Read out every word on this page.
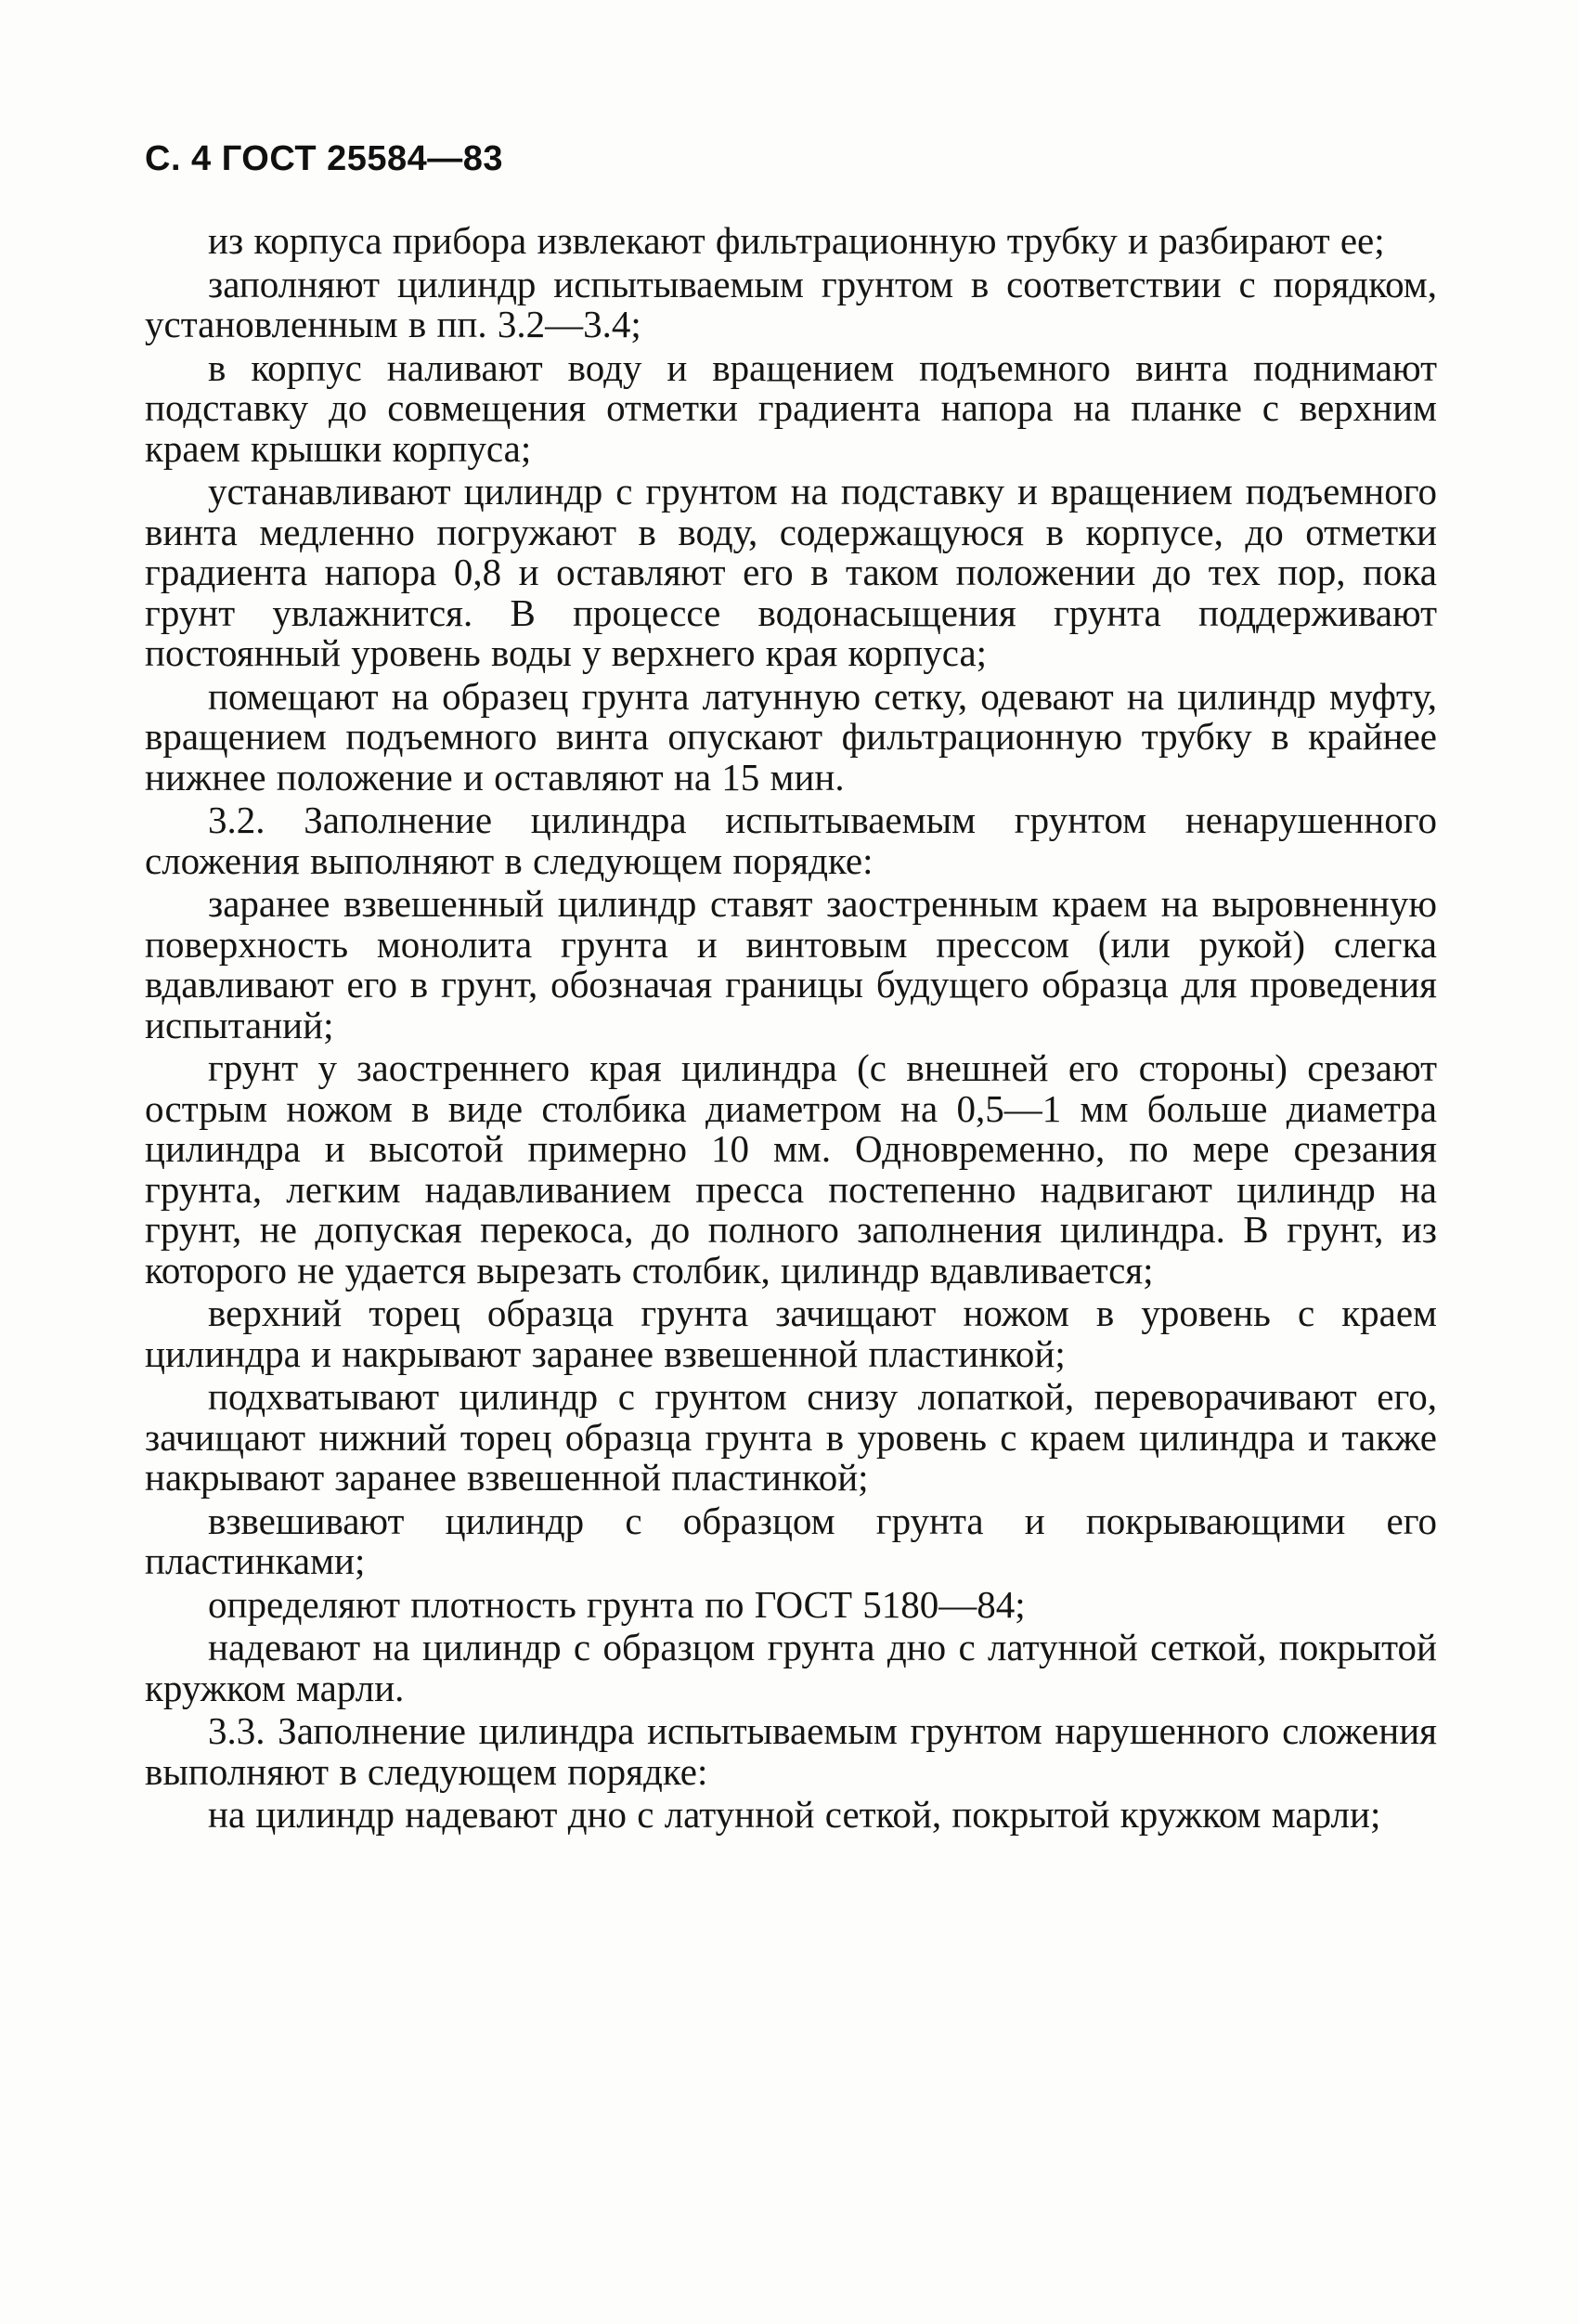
С. 4 ГОСТ 25584—83

из корпуса прибора извлекают фильтрационную трубку и разбирают ее;

заполняют цилиндр испытываемым грунтом в соответствии с порядком, установленным в пп. 3.2—3.4;

в корпус наливают воду и вращением подъемного винта поднимают подставку до совмещения отметки градиента напора на планке с верхним краем крышки корпуса;

устанавливают цилиндр с грунтом на подставку и вращением подъемного винта медленно погружают в воду, содержащуюся в корпусе, до отметки градиента напора 0,8 и оставляют его в таком положении до тех пор, пока грунт увлажнится. В процессе водонасыщения грунта поддерживают постоянный уровень воды у верхнего края корпуса;

помещают на образец грунта латунную сетку, одевают на цилиндр муфту, вращением подъемного винта опускают фильтрационную трубку в крайнее нижнее положение и оставляют на 15 мин.

3.2. Заполнение цилиндра испытываемым грунтом ненарушенного сложения выполняют в следующем порядке:

заранее взвешенный цилиндр ставят заостренным краем на выровненную поверхность монолита грунта и винтовым прессом (или рукой) слегка вдавливают его в грунт, обозначая границы будущего образца для проведения испытаний;

грунт у заостреннего края цилиндра (с внешней его стороны) срезают острым ножом в виде столбика диаметром на 0,5—1 мм больше диаметра цилиндра и высотой примерно 10 мм. Одновременно, по мере срезания грунта, легким надавливанием пресса постепенно надвигают цилиндр на грунт, не допуская перекоса, до полного заполнения цилиндра. В грунт, из которого не удается вырезать столбик, цилиндр вдавливается;

верхний торец образца грунта зачищают ножом в уровень с краем цилиндра и накрывают заранее взвешенной пластинкой;

подхватывают цилиндр с грунтом снизу лопаткой, переворачивают его, зачищают нижний торец образца грунта в уровень с краем цилиндра и также накрывают заранее взвешенной пластинкой;

взвешивают цилиндр с образцом грунта и покрывающими его пластинками;

определяют плотность грунта по ГОСТ 5180—84;

надевают на цилиндр с образцом грунта дно с латунной сеткой, покрытой кружком марли.

3.3. Заполнение цилиндра испытываемым грунтом нарушенного сложения выполняют в следующем порядке:

на цилиндр надевают дно с латунной сеткой, покрытой кружком марли;
